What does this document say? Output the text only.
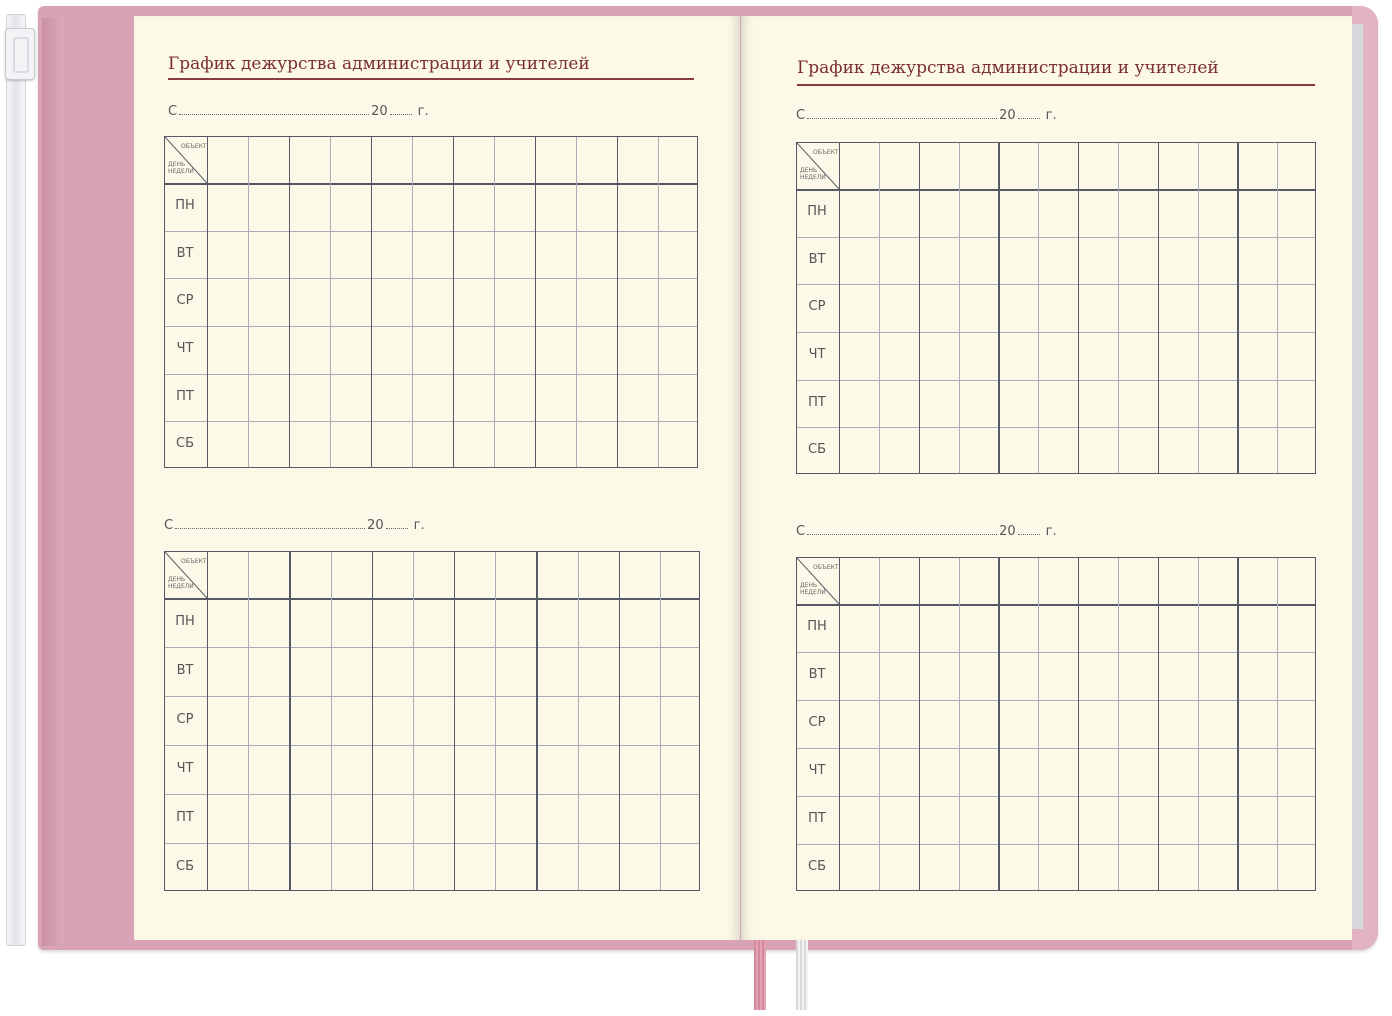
График дежурства администрации и учителей	График дежурства администрации и учителей
С	20 г.
ОБЪЕКТ
ДЕНЬ
НЕДЕЛИ
ПН
ВТ
СР
ЧТ
ПТ
СБ
С	20 г.
ОБЪЕКТ
ДЕНЬ
НЕДЕЛИ
ПН
ВТ
СР
ЧТ
ПТ
СБ
С	20 г.
ОБЪЕКТ
ДЕНЬ
НЕДЕЛИ
ПН
ВТ
СР
ЧТ
ПТ
СБ
С	20 г.
ОБЪЕКТ
ДЕНЬ
НЕДЕЛИ
ПН
ВТ
СР
ЧТ
ПТ
СБ
